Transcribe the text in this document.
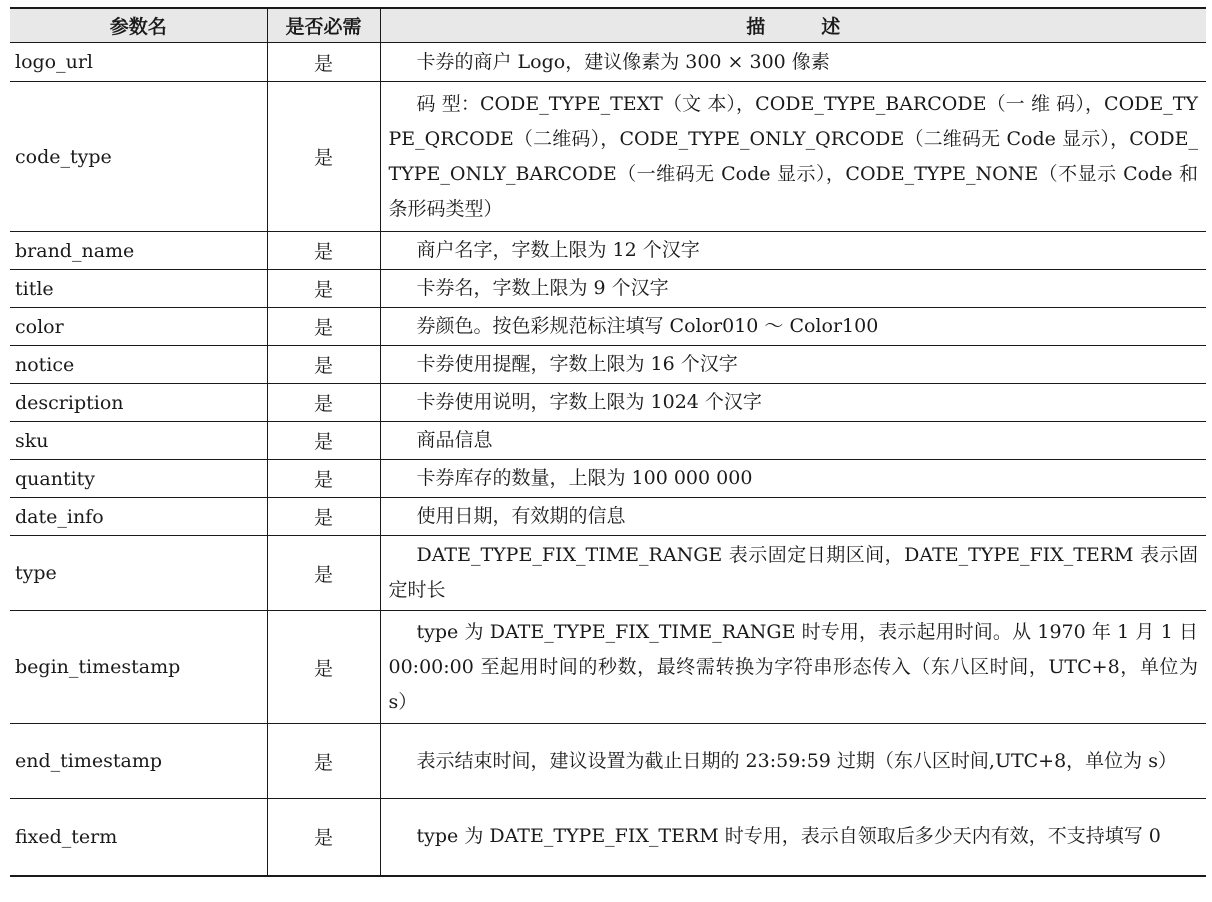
参数名	是否必需	描 述
logo_url	是	卡券的商户 Logo，建议像素为 300 × 300 像素
code_type	是	码 型：CODE_TYPE_TEXT（文 本），CODE_TYPE_BARCODE（一 维 码），CODE_TYPE_QRCODE（二维码），CODE_TYPE_ONLY_QRCODE（二维码无 Code 显示），CODE_TYPE_ONLY_BARCODE（一维码无 Code 显示），CODE_TYPE_NONE（不显示 Code 和条形码类型）
brand_name	是	商户名字，字数上限为 12 个汉字
title	是	卡券名，字数上限为 9 个汉字
color	是	券颜色。按色彩规范标注填写 Color010 ～ Color100
notice	是	卡券使用提醒，字数上限为 16 个汉字
description	是	卡券使用说明，字数上限为 1024 个汉字
sku	是	商品信息
quantity	是	卡券库存的数量，上限为 100 000 000
date_info	是	使用日期，有效期的信息
type	是	DATE_TYPE_FIX_TIME_RANGE 表示固定日期区间，DATE_TYPE_FIX_TERM 表示固定时长
begin_timestamp	是	type 为 DATE_TYPE_FIX_TIME_RANGE 时专用，表示起用时间。从 1970 年 1 月 1 日 00:00:00 至起用时间的秒数，最终需转换为字符串形态传入（东八区时间，UTC+8，单位为 s）
end_timestamp	是	表示结束时间，建议设置为截止日期的 23:59:59 过期（东八区时间,UTC+8，单位为 s）
fixed_term	是	type 为 DATE_TYPE_FIX_TERM 时专用，表示自领取后多少天内有效，不支持填写 0
